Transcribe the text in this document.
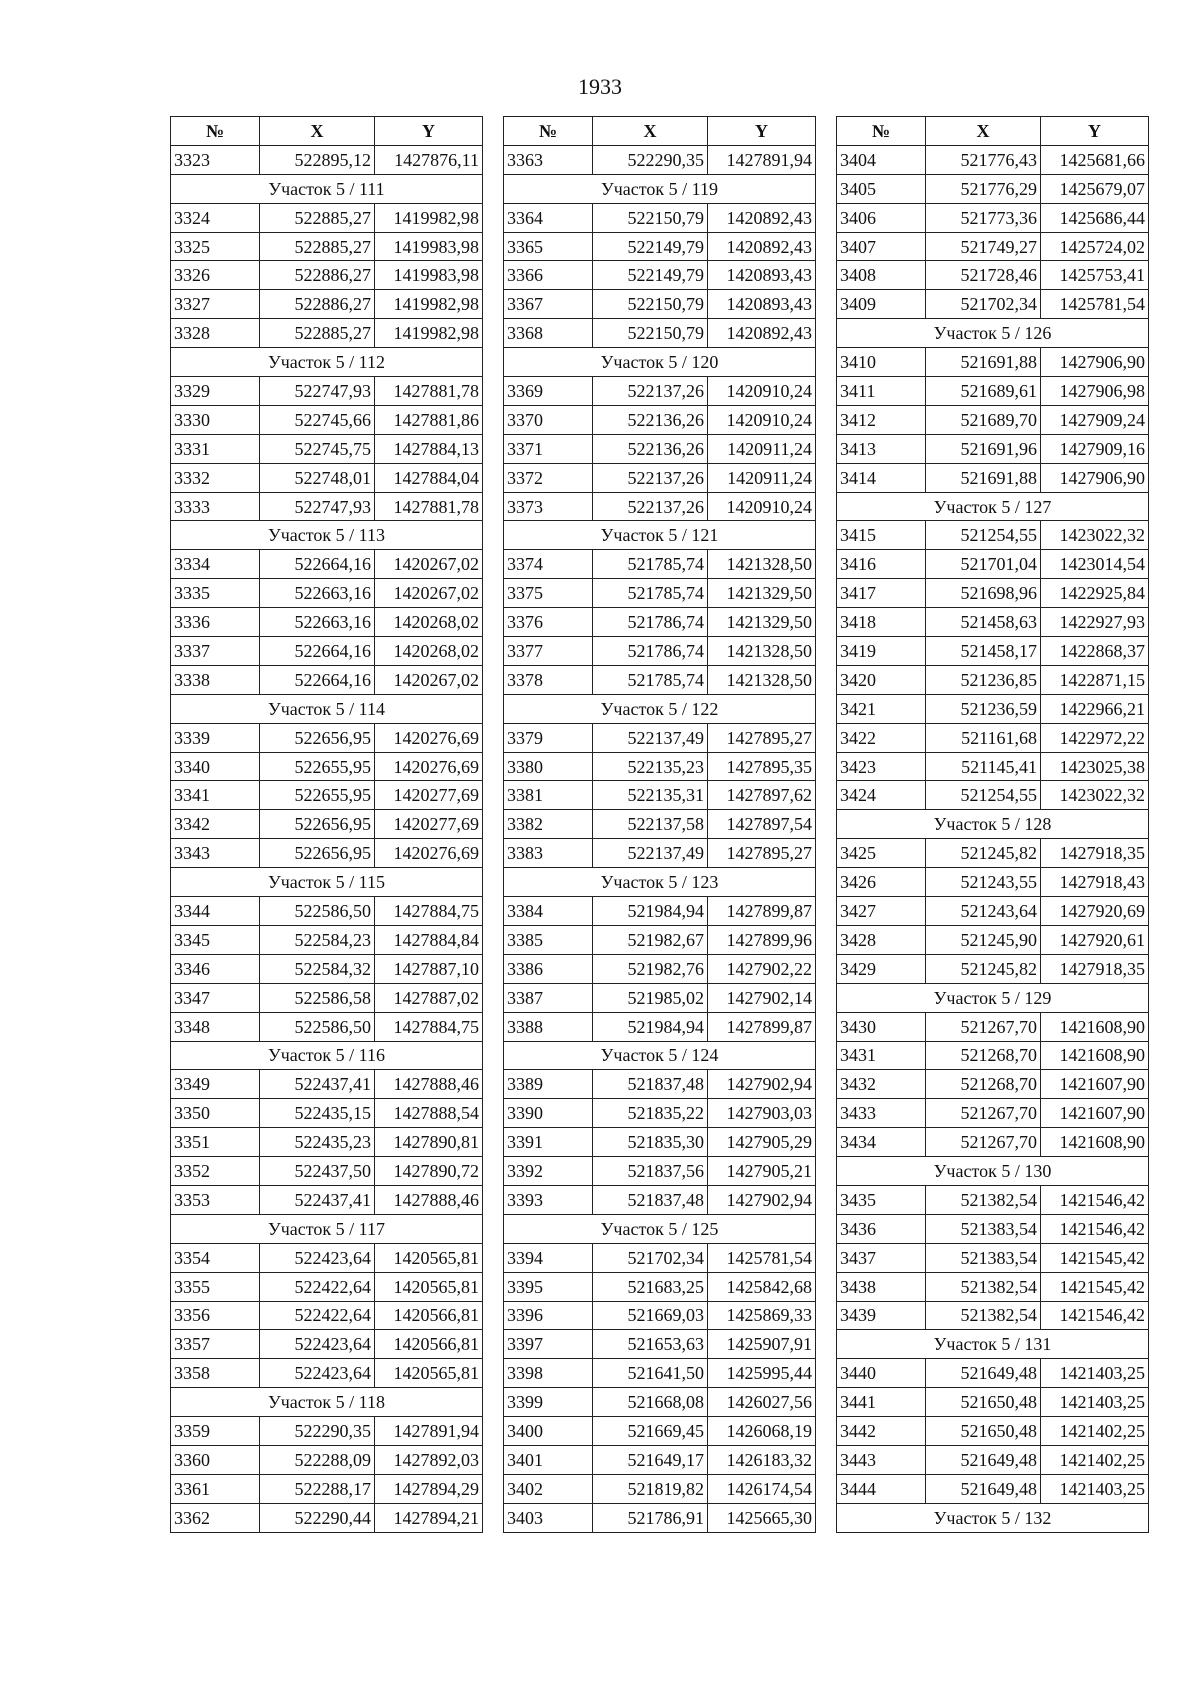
1933
№	X	Y
3323	522895,12	1427876,11
Участок 5 / 111		
3324	522885,27	1419982,98
3325	522885,27	1419983,98
3326	522886,27	1419983,98
3327	522886,27	1419982,98
3328	522885,27	1419982,98
Участок 5 / 112		
3329	522747,93	1427881,78
3330	522745,66	1427881,86
3331	522745,75	1427884,13
3332	522748,01	1427884,04
3333	522747,93	1427881,78
Участок 5 / 113		
3334	522664,16	1420267,02
3335	522663,16	1420267,02
3336	522663,16	1420268,02
3337	522664,16	1420268,02
3338	522664,16	1420267,02
Участок 5 / 114		
3339	522656,95	1420276,69
3340	522655,95	1420276,69
3341	522655,95	1420277,69
3342	522656,95	1420277,69
3343	522656,95	1420276,69
Участок 5 / 115		
3344	522586,50	1427884,75
3345	522584,23	1427884,84
3346	522584,32	1427887,10
3347	522586,58	1427887,02
3348	522586,50	1427884,75
Участок 5 / 116		
3349	522437,41	1427888,46
3350	522435,15	1427888,54
3351	522435,23	1427890,81
3352	522437,50	1427890,72
3353	522437,41	1427888,46
Участок 5 / 117		
3354	522423,64	1420565,81
3355	522422,64	1420565,81
3356	522422,64	1420566,81
3357	522423,64	1420566,81
3358	522423,64	1420565,81
Участок 5 / 118		
3359	522290,35	1427891,94
3360	522288,09	1427892,03
3361	522288,17	1427894,29
3362	522290,44	1427894,21
№	X	Y
3363	522290,35	1427891,94
Участок 5 / 119		
3364	522150,79	1420892,43
3365	522149,79	1420892,43
3366	522149,79	1420893,43
3367	522150,79	1420893,43
3368	522150,79	1420892,43
Участок 5 / 120		
3369	522137,26	1420910,24
3370	522136,26	1420910,24
3371	522136,26	1420911,24
3372	522137,26	1420911,24
3373	522137,26	1420910,24
Участок 5 / 121		
3374	521785,74	1421328,50
3375	521785,74	1421329,50
3376	521786,74	1421329,50
3377	521786,74	1421328,50
3378	521785,74	1421328,50
Участок 5 / 122		
3379	522137,49	1427895,27
3380	522135,23	1427895,35
3381	522135,31	1427897,62
3382	522137,58	1427897,54
3383	522137,49	1427895,27
Участок 5 / 123		
3384	521984,94	1427899,87
3385	521982,67	1427899,96
3386	521982,76	1427902,22
3387	521985,02	1427902,14
3388	521984,94	1427899,87
Участок 5 / 124		
3389	521837,48	1427902,94
3390	521835,22	1427903,03
3391	521835,30	1427905,29
3392	521837,56	1427905,21
3393	521837,48	1427902,94
Участок 5 / 125		
3394	521702,34	1425781,54
3395	521683,25	1425842,68
3396	521669,03	1425869,33
3397	521653,63	1425907,91
3398	521641,50	1425995,44
3399	521668,08	1426027,56
3400	521669,45	1426068,19
3401	521649,17	1426183,32
3402	521819,82	1426174,54
3403	521786,91	1425665,30
№	X	Y
3404	521776,43	1425681,66
3405	521776,29	1425679,07
3406	521773,36	1425686,44
3407	521749,27	1425724,02
3408	521728,46	1425753,41
3409	521702,34	1425781,54
Участок 5 / 126		
3410	521691,88	1427906,90
3411	521689,61	1427906,98
3412	521689,70	1427909,24
3413	521691,96	1427909,16
3414	521691,88	1427906,90
Участок 5 / 127		
3415	521254,55	1423022,32
3416	521701,04	1423014,54
3417	521698,96	1422925,84
3418	521458,63	1422927,93
3419	521458,17	1422868,37
3420	521236,85	1422871,15
3421	521236,59	1422966,21
3422	521161,68	1422972,22
3423	521145,41	1423025,38
3424	521254,55	1423022,32
Участок 5 / 128		
3425	521245,82	1427918,35
3426	521243,55	1427918,43
3427	521243,64	1427920,69
3428	521245,90	1427920,61
3429	521245,82	1427918,35
Участок 5 / 129		
3430	521267,70	1421608,90
3431	521268,70	1421608,90
3432	521268,70	1421607,90
3433	521267,70	1421607,90
3434	521267,70	1421608,90
Участок 5 / 130		
3435	521382,54	1421546,42
3436	521383,54	1421546,42
3437	521383,54	1421545,42
3438	521382,54	1421545,42
3439	521382,54	1421546,42
Участок 5 / 131		
3440	521649,48	1421403,25
3441	521650,48	1421403,25
3442	521650,48	1421402,25
3443	521649,48	1421402,25
3444	521649,48	1421403,25
Участок 5 / 132		
